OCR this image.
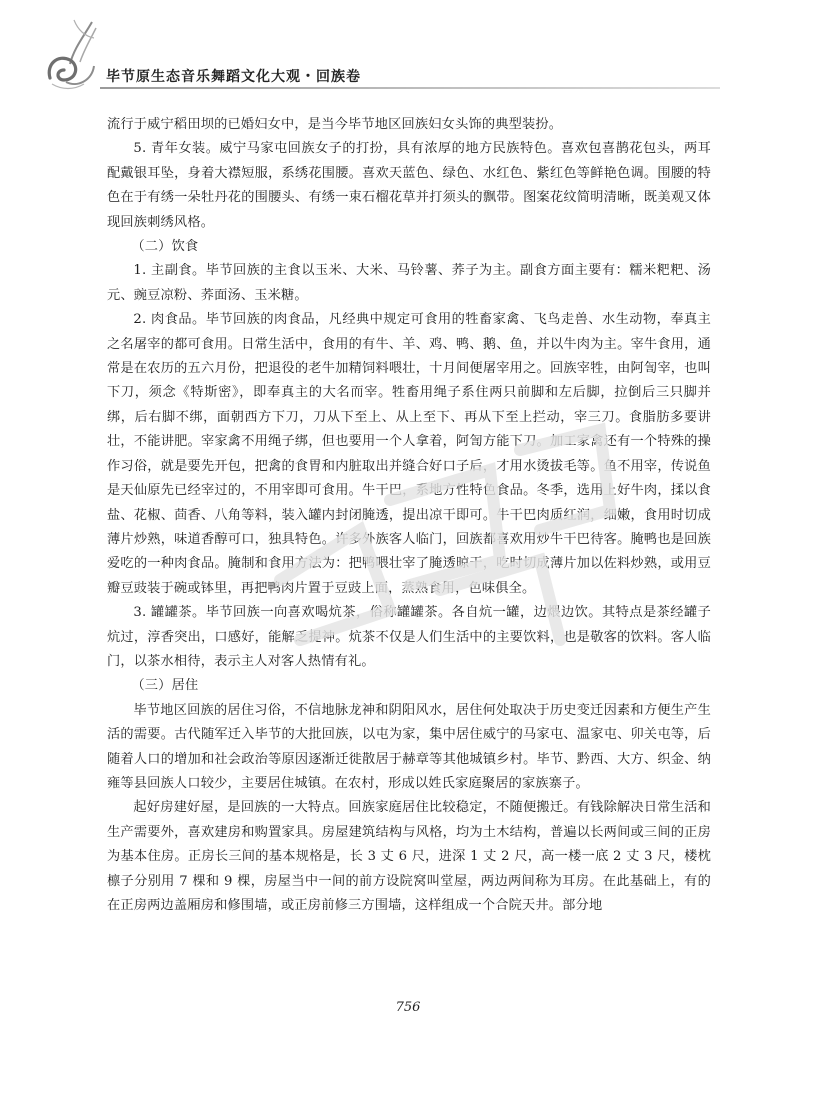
毕节原生态音乐舞蹈文化大观・回族卷

流行于威宁稻田坝的已婚妇女中，是当今毕节地区回族妇女头饰的典型装扮。

5. 青年女装。威宁马家屯回族女子的打扮，具有浓厚的地方民族特色。喜欢包喜鹊花包头，两耳配戴银耳坠，身着大襟短服，系绣花围腰。喜欢天蓝色、绿色、水红色、紫红色等鲜艳色调。围腰的特色在于有绣一朵牡丹花的围腰头、有绣一束石榴花草并打须头的飘带。图案花纹简明清晰，既美观又体现回族刺绣风格。

（二）饮食

1. 主副食。毕节回族的主食以玉米、大米、马铃薯、荞子为主。副食方面主要有：糯米粑粑、汤元、豌豆凉粉、荞面汤、玉米糖。

2. 肉食品。毕节回族的肉食品，凡经典中规定可食用的牲畜家禽、飞鸟走兽、水生动物，奉真主之名屠宰的都可食用。日常生活中，食用的有牛、羊、鸡、鸭、鹅、鱼，并以牛肉为主。宰牛食用，通常是在农历的五六月份，把退役的老牛加精饲料喂壮，十月间便屠宰用之。回族宰牲，由阿訇宰，也叫下刀，须念《特斯密》，即奉真主的大名而宰。牲畜用绳子系住两只前脚和左后脚，拉倒后三只脚并绑，后右脚不绑，面朝西方下刀，刀从下至上、从上至下、再从下至上拦动，宰三刀。食脂肪多要讲壮，不能讲肥。宰家禽不用绳子绑，但也要用一个人拿着，阿訇方能下刀。加工家禽还有一个特殊的操作习俗，就是要先开包，把禽的食胃和内脏取出并缝合好口子后，才用水烫拔毛等。鱼不用宰，传说鱼是天仙原先已经宰过的，不用宰即可食用。牛干巴，系地方性特色食品。冬季，选用上好牛肉，揉以食盐、花椒、茴香、八角等料，装入罐内封闭腌透，提出凉干即可。牛干巴肉质红润，细嫩，食用时切成薄片炒熟，味道香醇可口，独具特色。许多外族客人临门，回族都喜欢用炒牛干巴待客。腌鸭也是回族爱吃的一种肉食品。腌制和食用方法为：把鸭喂壮宰了腌透晾干，吃时切成薄片加以佐料炒熟，或用豆瓣豆豉装于碗或钵里，再把鸭肉片置于豆豉上面，蒸熟食用，色味俱全。

3. 罐罐茶。毕节回族一向喜欢喝炕茶，俗称罐罐茶。各自炕一罐，边煨边饮。其特点是茶经罐子炕过，淳香突出，口感好，能解乏提神。炕茶不仅是人们生活中的主要饮料，也是敬客的饮料。客人临门，以茶水相待，表示主人对客人热情有礼。

（三）居住

毕节地区回族的居住习俗，不信地脉龙神和阴阳风水，居住何处取决于历史变迁因素和方便生产生活的需要。古代随军迁入毕节的大批回族，以屯为家，集中居住威宁的马家屯、温家屯、卯关屯等，后随着人口的增加和社会政治等原因逐渐迁徙散居于赫章等其他城镇乡村。毕节、黔西、大方、织金、纳雍等县回族人口较少，主要居住城镇。在农村，形成以姓氏家庭聚居的家族寨子。

起好房建好屋，是回族的一大特点。回族家庭居住比较稳定，不随便搬迁。有钱除解决日常生活和生产需要外，喜欢建房和购置家具。房屋建筑结构与风格，均为土木结构，普遍以长两间或三间的正房为基本住房。正房长三间的基本规格是，长 3 丈 6 尺，进深 1 丈 2 尺，高一楼一底 2 丈 3 尺，楼枕檩子分别用 7 棵和 9 棵，房屋当中一间的前方设院窝叫堂屋，两边两间称为耳房。在此基础上，有的在正房两边盖厢房和修围墙，或正房前修三方围墙，这样组成一个合院天井。部分地

756
